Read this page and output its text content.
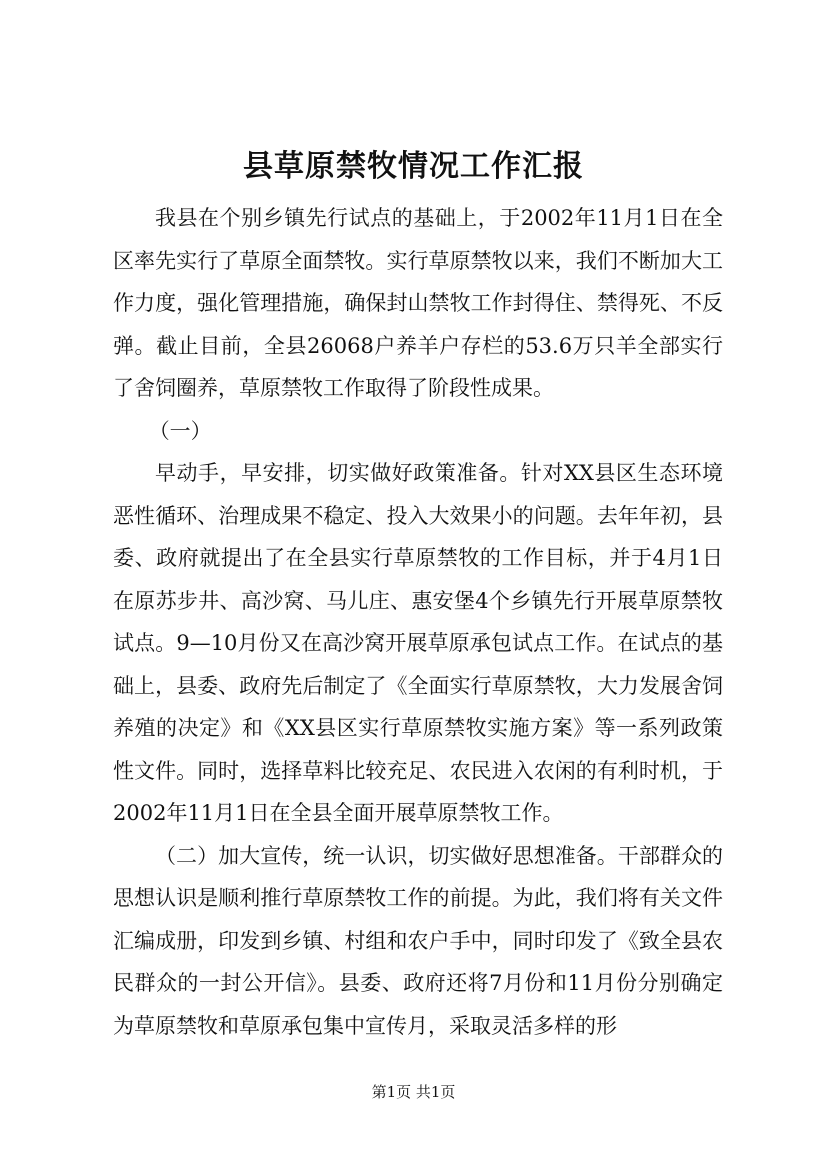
县草原禁牧情况工作汇报

我县在个别乡镇先行试点的基础上，于2002年11月1日在全区率先实行了草原全面禁牧。实行草原禁牧以来，我们不断加大工作力度，强化管理措施，确保封山禁牧工作封得住、禁得死、不反弹。截止目前，全县26068户养羊户存栏的53.6万只羊全部实行了舍饲圈养，草原禁牧工作取得了阶段性成果。

（一）

早动手，早安排，切实做好政策准备。针对XX县区生态环境恶性循环、治理成果不稳定、投入大效果小的问题。去年年初，县委、政府就提出了在全县实行草原禁牧的工作目标，并于4月1日在原苏步井、高沙窝、马儿庄、惠安堡4个乡镇先行开展草原禁牧试点。9—10月份又在高沙窝开展草原承包试点工作。在试点的基础上，县委、政府先后制定了《全面实行草原禁牧，大力发展舍饲养殖的决定》和《XX县区实行草原禁牧实施方案》等一系列政策性文件。同时，选择草料比较充足、农民进入农闲的有利时机，于2002年11月1日在全县全面开展草原禁牧工作。

（二）加大宣传，统一认识，切实做好思想准备。干部群众的思想认识是顺利推行草原禁牧工作的前提。为此，我们将有关文件汇编成册，印发到乡镇、村组和农户手中，同时印发了《致全县农民群众的一封公开信》。县委、政府还将7月份和11月份分别确定为草原禁牧和草原承包集中宣传月，采取灵活多样的形

第1页 共1页
